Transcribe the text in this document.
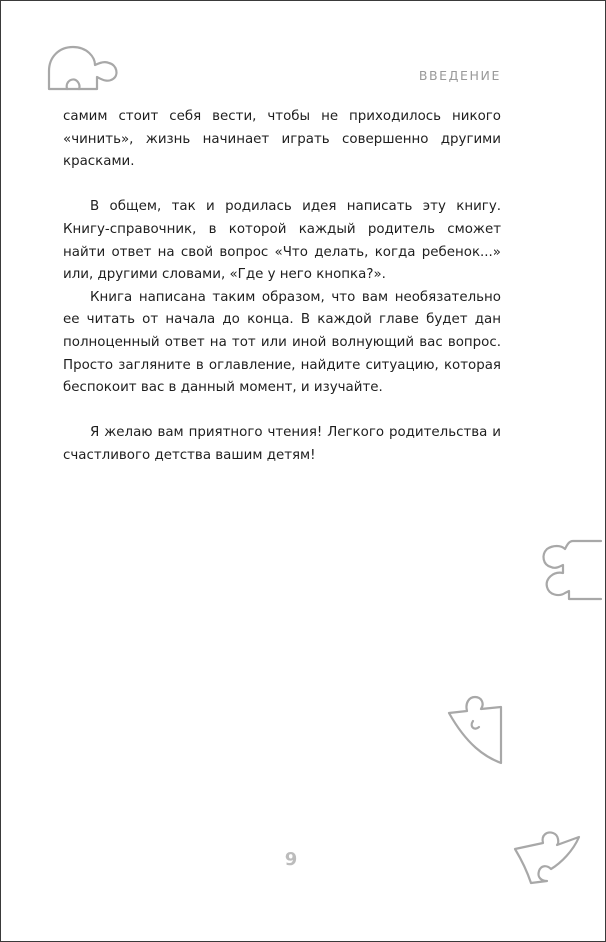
ВВЕДЕНИЕ

самим стоит себя вести, чтобы не приходилось никого «чинить», жизнь начинает играть совершенно другими красками.

В общем, так и родилась идея написать эту книгу. Книгу-справочник, в которой каждый родитель сможет найти ответ на свой вопрос «Что делать, когда ребенок...» или, другими словами, «Где у него кнопка?».

Книга написана таким образом, что вам необязательно ее читать от начала до конца. В каждой главе будет дан полноценный ответ на тот или иной волнующий вас вопрос. Просто загляните в оглавление, найдите ситуацию, которая беспокоит вас в данный момент, и изучайте.

Я желаю вам приятного чтения! Легкого родительства и счастливого детства вашим детям!

9
